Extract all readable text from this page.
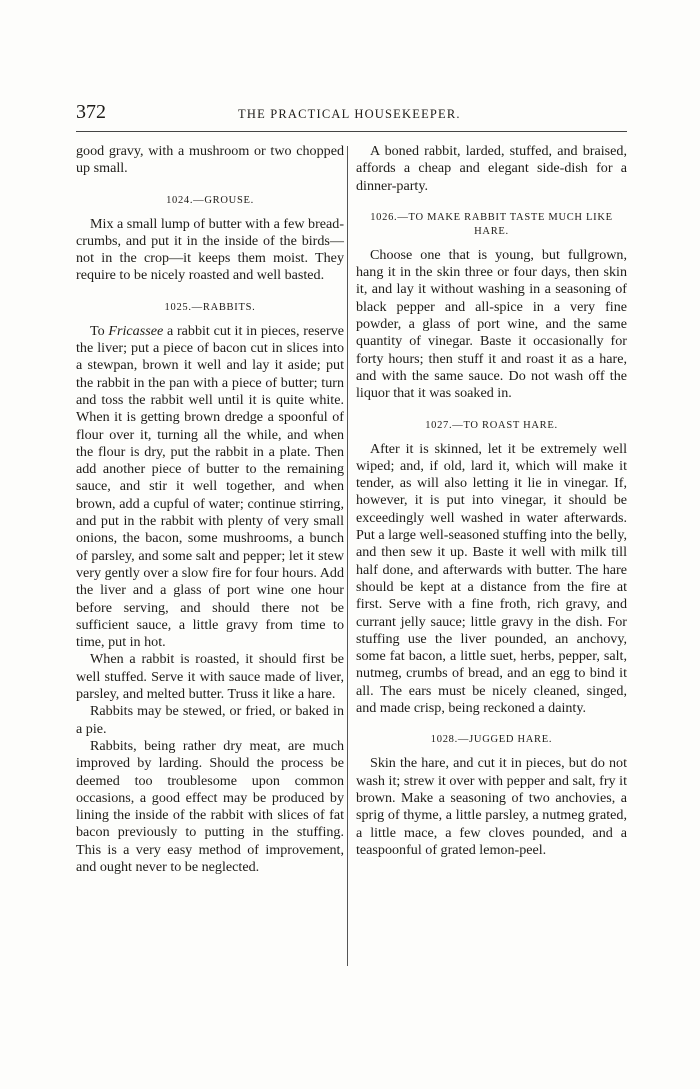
372	THE PRACTICAL HOUSEKEEPER.

good gravy, with a mushroom or two chopped up small.

1024.—GROUSE.

Mix a small lump of butter with a few bread-crumbs, and put it in the inside of the birds—not in the crop—it keeps them moist. They require to be nicely roasted and well basted.

1025.—RABBITS.

To Fricassee a rabbit cut it in pieces, reserve the liver; put a piece of bacon cut in slices into a stewpan, brown it well and lay it aside; put the rabbit in the pan with a piece of butter; turn and toss the rabbit well until it is quite white. When it is getting brown dredge a spoonful of flour over it, turning all the while, and when the flour is dry, put the rabbit in a plate. Then add another piece of butter to the remaining sauce, and stir it well together, and when brown, add a cupful of water; continue stirring, and put in the rabbit with plenty of very small onions, the bacon, some mushrooms, a bunch of parsley, and some salt and pepper; let it stew very gently over a slow fire for four hours. Add the liver and a glass of port wine one hour before serving, and should there not be sufficient sauce, a little gravy from time to time, put in hot.

When a rabbit is roasted, it should first be well stuffed. Serve it with sauce made of liver, parsley, and melted butter. Truss it like a hare.

Rabbits may be stewed, or fried, or baked in a pie.

Rabbits, being rather dry meat, are much improved by larding. Should the process be deemed too troublesome upon common occasions, a good effect may be produced by lining the inside of the rabbit with slices of fat bacon previously to putting in the stuffing. This is a very easy method of improvement, and ought never to be neglected.

A boned rabbit, larded, stuffed, and braised, affords a cheap and elegant side-dish for a dinner-party.

1026.—TO MAKE RABBIT TASTE MUCH LIKE HARE.

Choose one that is young, but fullgrown, hang it in the skin three or four days, then skin it, and lay it without washing in a seasoning of black pepper and all-spice in a very fine powder, a glass of port wine, and the same quantity of vinegar. Baste it occasionally for forty hours; then stuff it and roast it as a hare, and with the same sauce. Do not wash off the liquor that it was soaked in.

1027.—TO ROAST HARE.

After it is skinned, let it be extremely well wiped; and, if old, lard it, which will make it tender, as will also letting it lie in vinegar. If, however, it is put into vinegar, it should be exceedingly well washed in water afterwards. Put a large well-seasoned stuffing into the belly, and then sew it up. Baste it well with milk till half done, and afterwards with butter. The hare should be kept at a distance from the fire at first. Serve with a fine froth, rich gravy, and currant jelly sauce; little gravy in the dish. For stuffing use the liver pounded, an anchovy, some fat bacon, a little suet, herbs, pepper, salt, nutmeg, crumbs of bread, and an egg to bind it all. The ears must be nicely cleaned, singed, and made crisp, being reckoned a dainty.

1028.—JUGGED HARE.

Skin the hare, and cut it in pieces, but do not wash it; strew it over with pepper and salt, fry it brown. Make a seasoning of two anchovies, a sprig of thyme, a little parsley, a nutmeg grated, a little mace, a few cloves pounded, and a teaspoonful of grated lemon-peel.
